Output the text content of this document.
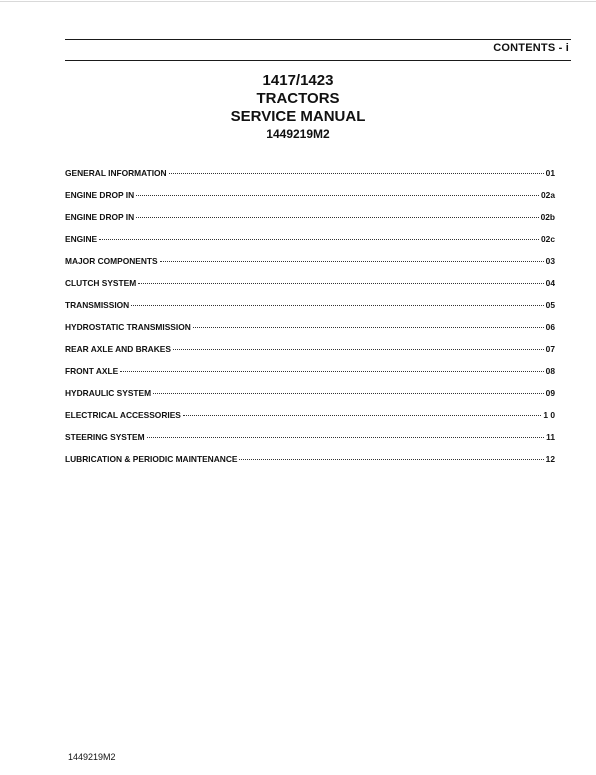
CONTENTS - i
1417/1423
TRACTORS
SERVICE MANUAL
1449219M2
GENERAL INFORMATION	01
ENGINE DROP IN	02a
ENGINE DROP IN	02b
ENGINE	02c
MAJOR COMPONENTS	03
CLUTCH SYSTEM	04
TRANSMISSION	05
HYDROSTATIC TRANSMISSION	06
REAR AXLE AND BRAKES	07
FRONT AXLE	08
HYDRAULIC SYSTEM	09
ELECTRICAL ACCESSORIES	1 0
STEERING SYSTEM	11
LUBRICATION & PERIODIC MAINTENANCE	12
1449219M2
